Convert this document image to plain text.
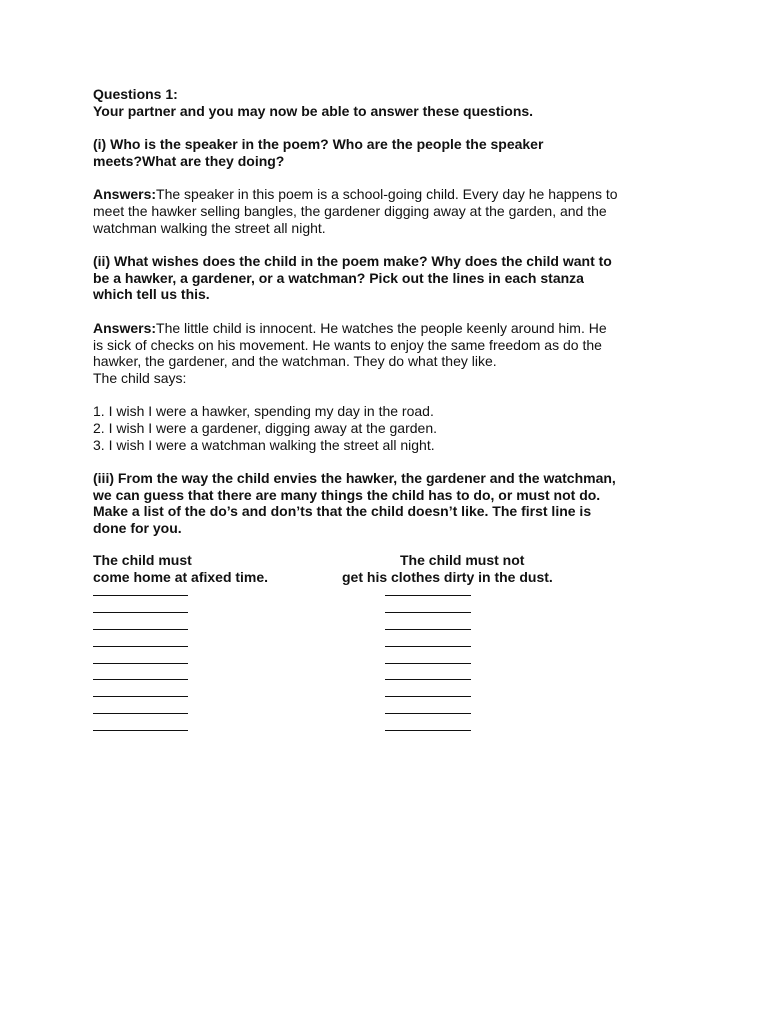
Questions 1:
Your partner and you may now be able to answer these questions.
(i) Who is the speaker in the poem? Who are the people the speaker
meets?What are they doing?
Answers:The speaker in this poem is a school-going child. Every day he happens to
meet the hawker selling bangles, the gardener digging away at the garden, and the
watchman walking the street all night.
(ii) What wishes does the child in the poem make? Why does the child want to
be a hawker, a gardener, or a watchman? Pick out the lines in each stanza
which tell us this.
Answers:The little child is innocent. He watches the people keenly around him. He
is sick of checks on his movement. He wants to enjoy the same freedom as do the
hawker, the gardener, and the watchman. They do what they like.
The child says:
1. I wish I were a hawker, spending my day in the road.
2. I wish I were a gardener, digging away at the garden.
3. I wish I were a watchman walking the street all night.
(iii) From the way the child envies the hawker, the gardener and the watchman,
we can guess that there are many things the child has to do, or must not do.
Make a list of the do’s and don’ts that the child doesn’t like. The first line is
done for you.
The child must	The child must not
come home at afixed time.	get his clothes dirty in the dust.
